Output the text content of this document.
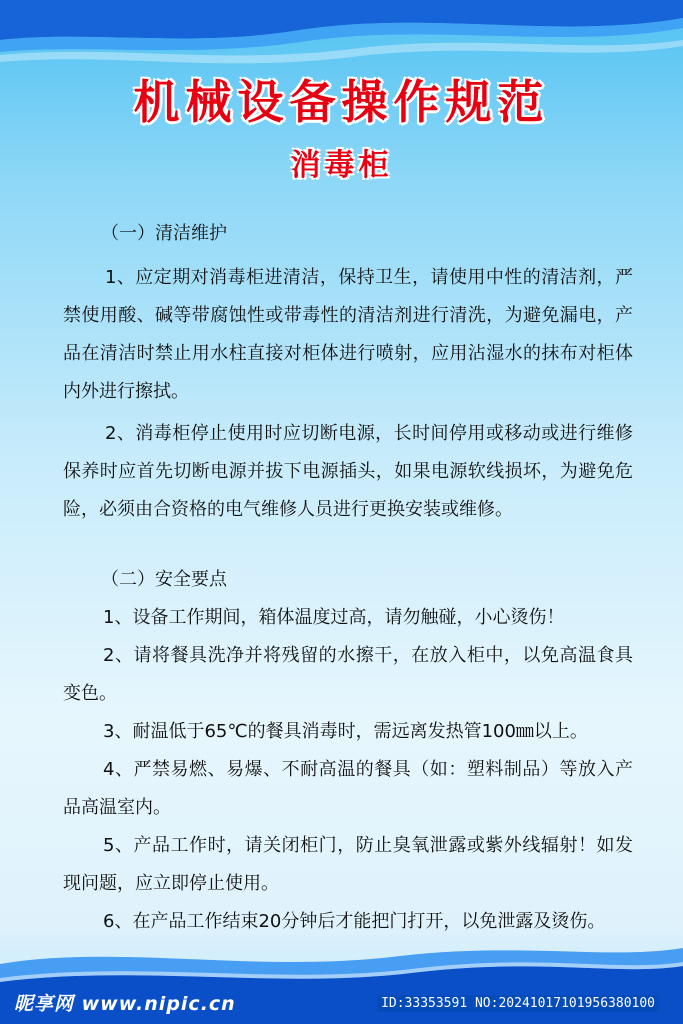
机械设备操作规范
消毒柜

（一）清洁维护

1、应定期对消毒柜进清洁，保持卫生，请使用中性的清洁剂，严禁使用酸、碱等带腐蚀性或带毒性的清洁剂进行清洗，为避免漏电，产品在清洁时禁止用水柱直接对柜体进行喷射，应用沾湿水的抹布对柜体内外进行擦拭。

2、消毒柜停止使用时应切断电源，长时间停用或移动或进行维修保养时应首先切断电源并拔下电源插头，如果电源软线损坏，为避免危险，必须由合资格的电气维修人员进行更换安装或维修。

（二）安全要点

1、设备工作期间，箱体温度过高，请勿触碰，小心烫伤！

2、请将餐具洗净并将残留的水擦干，在放入柜中，以免高温食具变色。

3、耐温低于65℃的餐具消毒时，需远离发热管100㎜以上。

4、严禁易燃、易爆、不耐高温的餐具（如：塑料制品）等放入产品高温室内。

5、产品工作时，请关闭柜门，防止臭氧泄露或紫外线辐射！如发现问题，应立即停止使用。

6、在产品工作结束20分钟后才能把门打开，以免泄露及烫伤。

昵享网 www.nipic.cn	ID:33353591 NO:20241017101956380100
